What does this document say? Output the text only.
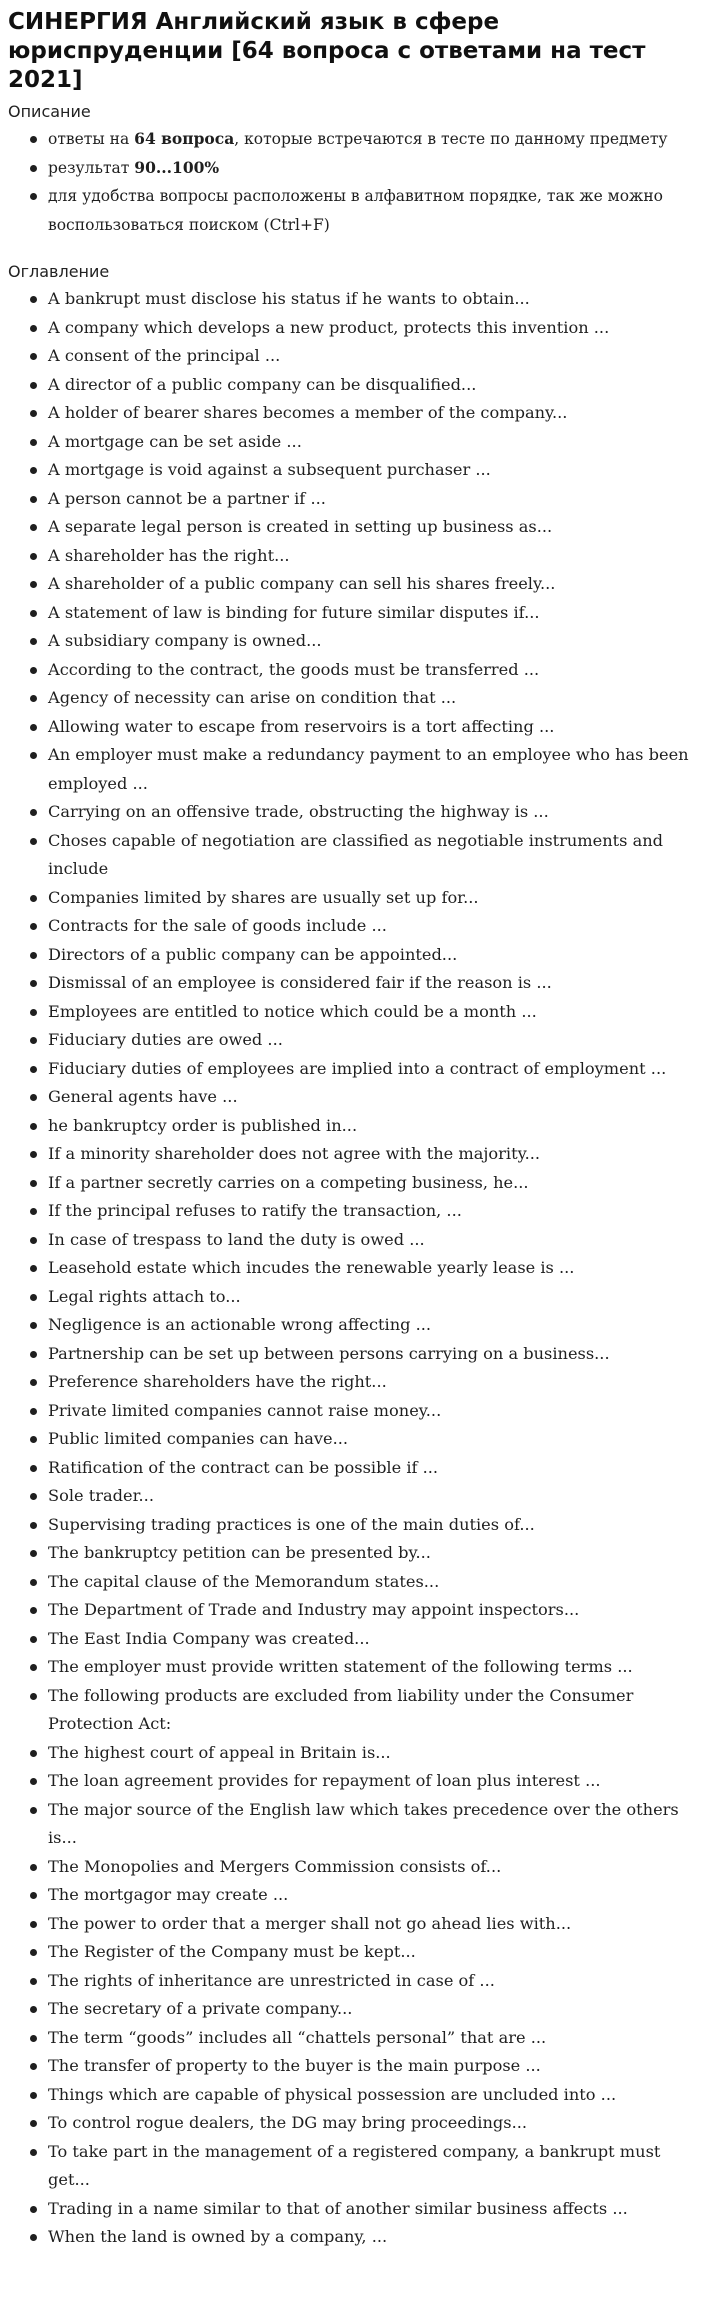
СИНЕРГИЯ Английский язык в сфере юриспруденции [64 вопроса с ответами на тест 2021]

Описание

ответы на 64 вопроса, которые встречаются в тесте по данному предмету
результат 90...100%
для удобства вопросы расположены в алфавитном порядке, так же можно воспользоваться поиском (Ctrl+F)

Оглавление

A bankrupt must disclose his status if he wants to obtain...
A company which develops a new product, protects this invention ...
A consent of the principal ...
A director of a public company can be disqualified...
A holder of bearer shares becomes a member of the company...
A mortgage can be set aside ...
A mortgage is void against a subsequent purchaser ...
A person cannot be a partner if ...
A separate legal person is created in setting up business as...
A shareholder has the right...
A shareholder of a public company can sell his shares freely...
A statement of law is binding for future similar disputes if...
A subsidiary company is owned...
According to the contract, the goods must be transferred ...
Agency of necessity can arise on condition that ...
Allowing water to escape from reservoirs is a tort affecting ...
An employer must make a redundancy payment to an employee who has been employed ...
Carrying on an offensive trade, obstructing the highway is ...
Choses capable of negotiation are classified as negotiable instruments and include
Companies limited by shares are usually set up for...
Contracts for the sale of goods include ...
Directors of a public company can be appointed...
Dismissal of an employee is considered fair if the reason is ...
Employees are entitled to notice which could be a month ...
Fiduciary duties are owed ...
Fiduciary duties of employees are implied into a contract of employment ...
General agents have ...
he bankruptcy order is published in...
If a minority shareholder does not agree with the majority...
If a partner secretly carries on a competing business, he...
If the principal refuses to ratify the transaction, ...
In case of trespass to land the duty is owed ...
Leasehold estate which incudes the renewable yearly lease is ...
Legal rights attach to...
Negligence is an actionable wrong affecting ...
Partnership can be set up between persons carrying on a business...
Preference shareholders have the right...
Private limited companies cannot raise money...
Public limited companies can have...
Ratification of the contract can be possible if ...
Sole trader...
Supervising trading practices is one of the main duties of...
The bankruptcy petition can be presented by...
The capital clause of the Memorandum states...
The Department of Trade and Industry may appoint inspectors...
The East India Company was created...
The employer must provide written statement of the following terms ...
The following products are excluded from liability under the Consumer Protection Act:
The highest court of appeal in Britain is...
The loan agreement provides for repayment of loan plus interest ...
The major source of the English law which takes precedence over the others is...
The Monopolies and Mergers Commission consists of...
The mortgagor may create ...
The power to order that a merger shall not go ahead lies with...
The Register of the Company must be kept...
The rights of inheritance are unrestricted in case of ...
The secretary of a private company...
The term “goods” includes all “chattels personal” that are ...
The transfer of property to the buyer is the main purpose ...
Things which are capable of physical possession are uncluded into ...
To control rogue dealers, the DG may bring proceedings...
To take part in the management of a registered company, a bankrupt must get...
Trading in a name similar to that of another similar business affects ...
When the land is owned by a company, ...
